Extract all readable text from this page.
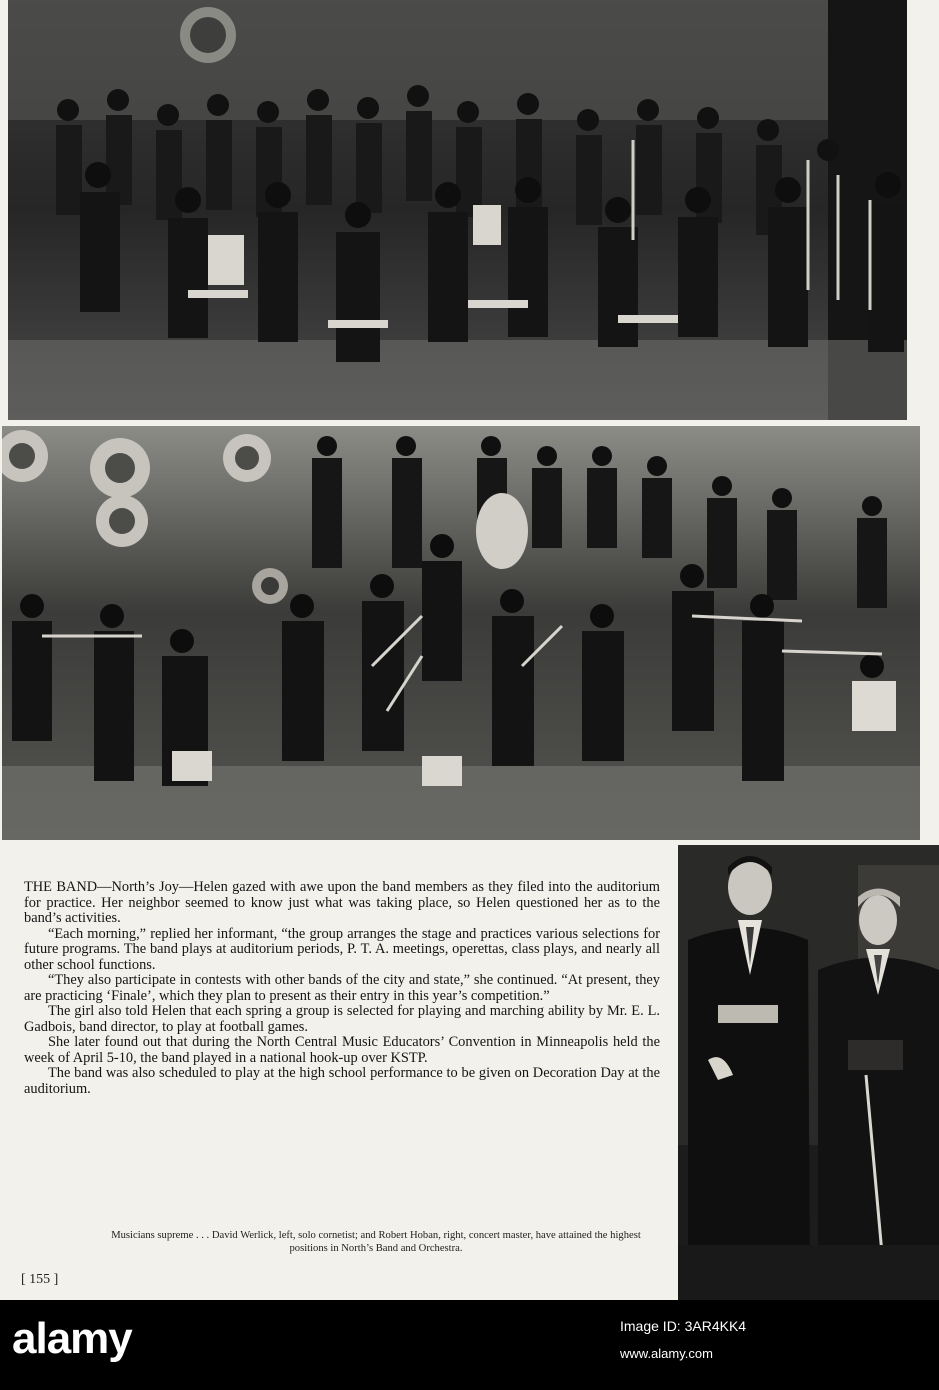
THE BAND—North’s Joy—Helen gazed with awe upon the band members as they filed into the auditorium for practice. Her neighbor seemed to know just what was taking place, so Helen questioned her as to the band’s activities.

“Each morning,” replied her informant, “the group arranges the stage and practices various selections for future programs. The band plays at auditorium periods, P. T. A. meetings, operettas, class plays, and nearly all other school functions.

“They also participate in contests with other bands of the city and state,” she continued. “At present, they are practicing ‘Finale’, which they plan to present as their entry in this year’s competition.”

The girl also told Helen that each spring a group is selected for playing and marching ability by Mr. E. L. Gadbois, band director, to play at football games.

She later found out that during the North Central Music Educators’ Convention in Minneapolis held the week of April 5-10, the band played in a national hook-up over KSTP.

The band was also scheduled to play at the high school performance to be given on Decoration Day at the auditorium.

Musicians supreme . . . David Werlick, left, solo cornetist; and Robert Hoban, right, concert master, have attained the highest positions in North’s Band and Orchestra.
[ 155 ]
alamy	Image ID: 3AR4KK4
www.alamy.com
